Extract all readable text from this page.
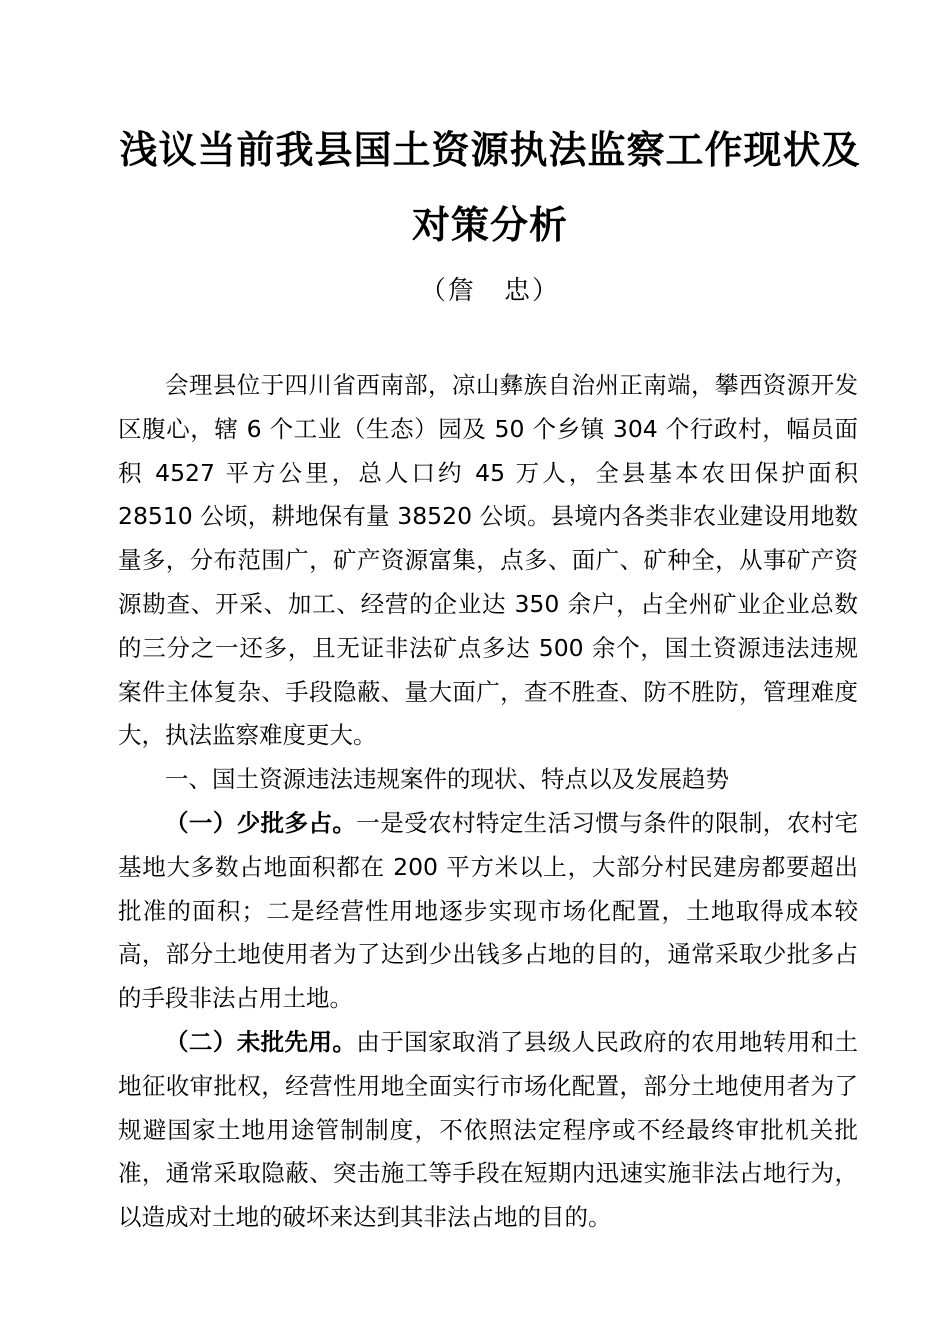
浅议当前我县国土资源执法监察工作现状及
对策分析
（詹　忠）

会理县位于四川省西南部，凉山彝族自治州正南端，攀西资源开发区腹心，辖 6 个工业（生态）园及 50 个乡镇 304 个行政村，幅员面积 4527 平方公里，总人口约 45 万人，全县基本农田保护面积 28510 公顷，耕地保有量 38520 公顷。县境内各类非农业建设用地数量多，分布范围广，矿产资源富集，点多、面广、矿种全，从事矿产资源勘查、开采、加工、经营的企业达 350 余户，占全州矿业企业总数的三分之一还多，且无证非法矿点多达 500 余个，国土资源违法违规案件主体复杂、手段隐蔽、量大面广，查不胜查、防不胜防，管理难度大，执法监察难度更大。

一、国土资源违法违规案件的现状、特点以及发展趋势

（一）少批多占。一是受农村特定生活习惯与条件的限制，农村宅基地大多数占地面积都在 200 平方米以上，大部分村民建房都要超出批准的面积；二是经营性用地逐步实现市场化配置，土地取得成本较高，部分土地使用者为了达到少出钱多占地的目的，通常采取少批多占的手段非法占用土地。

（二）未批先用。由于国家取消了县级人民政府的农用地转用和土地征收审批权，经营性用地全面实行市场化配置，部分土地使用者为了规避国家土地用途管制制度，不依照法定程序或不经最终审批机关批准，通常采取隐蔽、突击施工等手段在短期内迅速实施非法占地行为，以造成对土地的破坏来达到其非法占地的目的。
